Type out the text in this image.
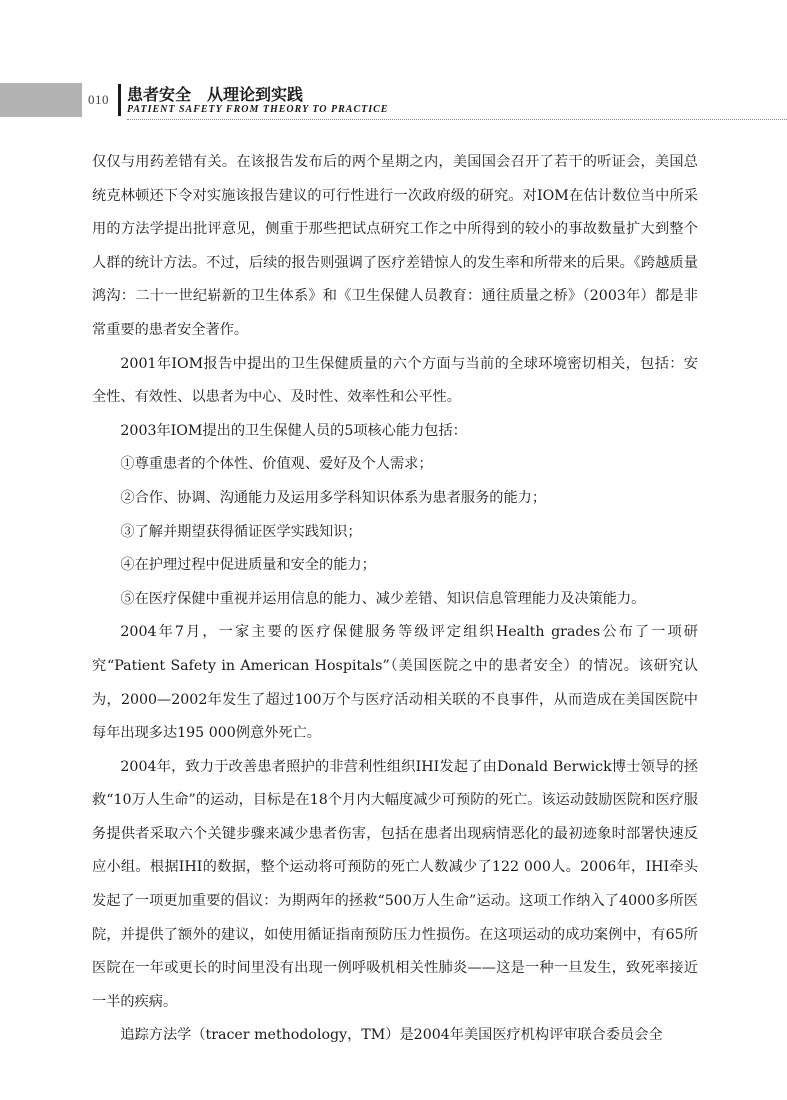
010 患者安全　从理论到实践
PATIENT SAFETY FROM THEORY TO PRACTICE

仅仅与用药差错有关。在该报告发布后的两个星期之内，美国国会召开了若干的听证会，美国总统克林顿还下令对实施该报告建议的可行性进行一次政府级的研究。对IOM在估计数位当中所采用的方法学提出批评意见，侧重于那些把试点研究工作之中所得到的较小的事故数量扩大到整个人群的统计方法。不过，后续的报告则强调了医疗差错惊人的发生率和所带来的后果。《跨越质量鸿沟：二十一世纪崭新的卫生体系》和《卫生保健人员教育：通往质量之桥》（2003年）都是非常重要的患者安全著作。

2001年IOM报告中提出的卫生保健质量的六个方面与当前的全球环境密切相关，包括：安全性、有效性、以患者为中心、及时性、效率性和公平性。

2003年IOM提出的卫生保健人员的5项核心能力包括：

①尊重患者的个体性、价值观、爱好及个人需求；

②合作、协调、沟通能力及运用多学科知识体系为患者服务的能力；

③了解并期望获得循证医学实践知识；

④在护理过程中促进质量和安全的能力；

⑤在医疗保健中重视并运用信息的能力、减少差错、知识信息管理能力及决策能力。

2004年7月，一家主要的医疗保健服务等级评定组织Health grades公布了一项研究“Patient Safety in American Hospitals”（美国医院之中的患者安全）的情况。该研究认为，2000—2002年发生了超过100万个与医疗活动相关联的不良事件，从而造成在美国医院中每年出现多达195 000例意外死亡。

2004年，致力于改善患者照护的非营利性组织IHI发起了由Donald Berwick博士领导的拯救“10万人生命”的运动，目标是在18个月内大幅度减少可预防的死亡。该运动鼓励医院和医疗服务提供者采取六个关键步骤来减少患者伤害，包括在患者出现病情恶化的最初迹象时部署快速反应小组。根据IHI的数据，整个运动将可预防的死亡人数减少了122 000人。2006年，IHI牵头发起了一项更加重要的倡议：为期两年的拯救“500万人生命”运动。这项工作纳入了4000多所医院，并提供了额外的建议，如使用循证指南预防压力性损伤。在这项运动的成功案例中，有65所医院在一年或更长的时间里没有出现一例呼吸机相关性肺炎——这是一种一旦发生，致死率接近一半的疾病。

追踪方法学（tracer methodology，TM）是2004年美国医疗机构评审联合委员会全
